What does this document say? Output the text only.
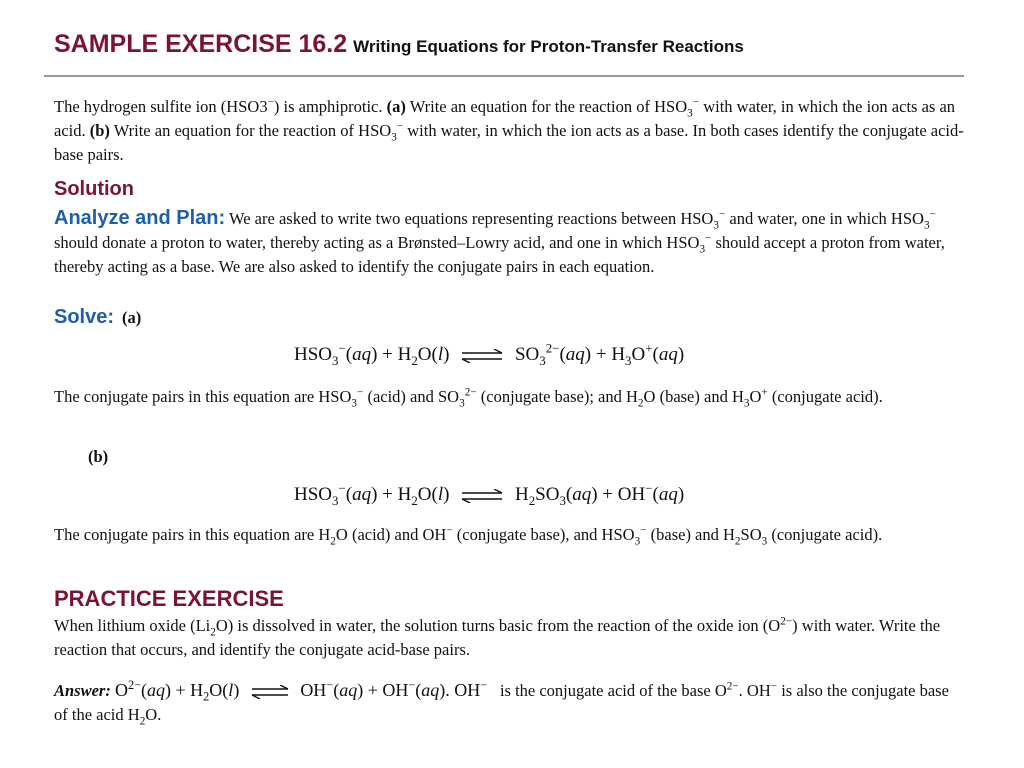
SAMPLE EXERCISE 16.2 Writing Equations for Proton-Transfer Reactions
The hydrogen sulfite ion (HSO3−) is amphiprotic. (a) Write an equation for the reaction of $HSO_3^-$ with water, in which the ion acts as an acid. (b) Write an equation for the reaction of $HSO_3^-$ with water, in which the ion acts as a base. In both cases identify the conjugate acid-base pairs.
Solution
Analyze and Plan: We are asked to write two equations representing reactions between $HSO_3^-$ and water, one in which $HSO_3^-$ should donate a proton to water, thereby acting as a Brønsted–Lowry acid, and one in which $HSO_3^-$ should accept a proton from water, thereby acting as a base. We are also asked to identify the conjugate pairs in each equation.
Solve: (a)
$HSO_3^-(aq) + H_2O(l)$ ⇌ $SO_3^{2-}(aq) + H_3O^+(aq)$
The conjugate pairs in this equation are $HSO_3^-$ (acid) and $SO_3^{2-}$ (conjugate base); and $H_2O$ (base) and $H_3O^+$ (conjugate acid).
(b)
$HSO_3^-(aq) + H_2O(l)$ ⇌ $H_2SO_3(aq) + OH^-(aq)$
The conjugate pairs in this equation are $H_2O$ (acid) and OH− (conjugate base), and $HSO_3^-$ (base) and $H_2SO_3$ (conjugate acid).
PRACTICE EXERCISE
When lithium oxide $(Li_2O)$ is dissolved in water, the solution turns basic from the reaction of the oxide ion $(O^{2-})$ with water. Write the reaction that occurs, and identify the conjugate acid-base pairs.
Answer: $O^{2-}(aq) + H_2O(l)$ ⇌ OH−(aq) + OH−(aq). OH− is the conjugate acid of the base $O^{2-}$. OH− is also the conjugate base of the acid $H_2O$.
